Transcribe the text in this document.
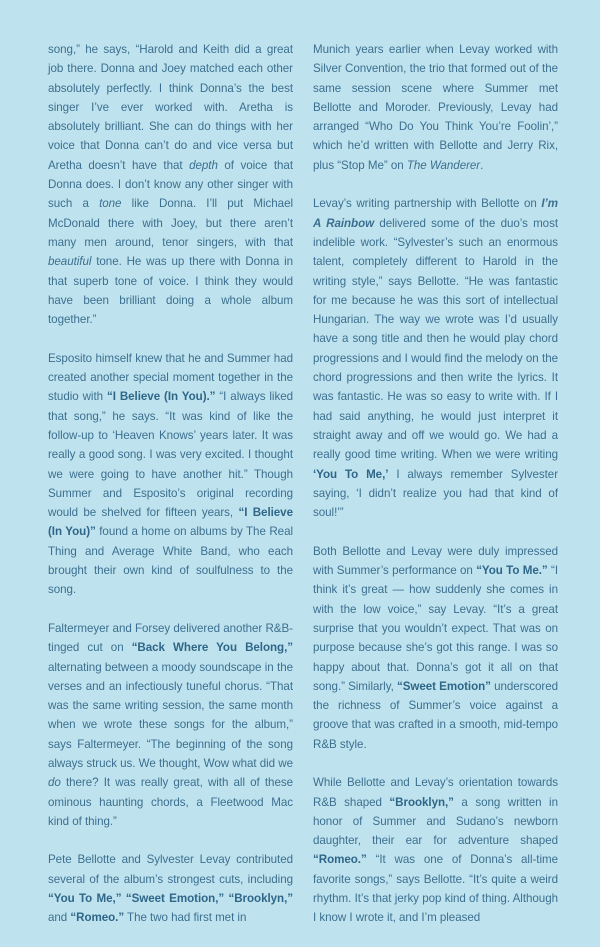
song,” he says, “Harold and Keith did a great job there. Donna and Joey matched each other absolutely perfectly. I think Donna’s the best singer I’ve ever worked with. Aretha is absolutely brilliant. She can do things with her voice that Donna can’t do and vice versa but Aretha doesn’t have that depth of voice that Donna does. I don’t know any other singer with such a tone like Donna. I’ll put Michael McDonald there with Joey, but there aren’t many men around, tenor singers, with that beautiful tone. He was up there with Donna in that superb tone of voice. I think they would have been brilliant doing a whole album together.”

Esposito himself knew that he and Summer had created another special moment together in the studio with “I Believe (In You).” “I always liked that song,” he says. “It was kind of like the follow-up to ‘Heaven Knows’ years later. It was really a good song. I was very excited. I thought we were going to have another hit.” Though Summer and Esposito’s original recording would be shelved for fifteen years, “I Believe (In You)” found a home on albums by The Real Thing and Average White Band, who each brought their own kind of soulfulness to the song.

Faltermeyer and Forsey delivered another R&B-tinged cut on “Back Where You Belong,” alternating between a moody soundscape in the verses and an infectiously tuneful chorus. “That was the same writing session, the same month when we wrote these songs for the album,” says Faltermeyer. “The beginning of the song always struck us. We thought, Wow what did we do there? It was really great, with all of these ominous haunting chords, a Fleetwood Mac kind of thing.”

Pete Bellotte and Sylvester Levay contributed several of the album’s strongest cuts, including “You To Me,” “Sweet Emotion,” “Brooklyn,” and “Romeo.” The two had first met in

Munich years earlier when Levay worked with Silver Convention, the trio that formed out of the same session scene where Summer met Bellotte and Moroder. Previously, Levay had arranged “Who Do You Think You’re Foolin’,” which he’d written with Bellotte and Jerry Rix, plus “Stop Me” on The Wanderer.

Levay’s writing partnership with Bellotte on I’m A Rainbow delivered some of the duo’s most indelible work. “Sylvester’s such an enormous talent, completely different to Harold in the writing style,” says Bellotte. “He was fantastic for me because he was this sort of intellectual Hungarian. The way we wrote was I’d usually have a song title and then he would play chord progressions and I would find the melody on the chord progressions and then write the lyrics. It was fantastic. He was so easy to write with. If I had said anything, he would just interpret it straight away and off we would go. We had a really good time writing. When we were writing ‘You To Me,’ I always remember Sylvester saying, ‘I didn’t realize you had that kind of soul!’”

Both Bellotte and Levay were duly impressed with Summer’s performance on “You To Me.” “I think it’s great — how suddenly she comes in with the low voice,” say Levay. “It’s a great surprise that you wouldn’t expect. That was on purpose because she’s got this range. I was so happy about that. Donna’s got it all on that song.” Similarly, “Sweet Emotion” underscored the richness of Summer’s voice against a groove that was crafted in a smooth, mid-tempo R&B style.

While Bellotte and Levay’s orientation towards R&B shaped “Brooklyn,” a song written in honor of Summer and Sudano’s newborn daughter, their ear for adventure shaped “Romeo.” “It was one of Donna’s all-time favorite songs,” says Bellotte. “It’s quite a weird rhythm. It’s that jerky pop kind of thing. Although I know I wrote it, and I’m pleased
